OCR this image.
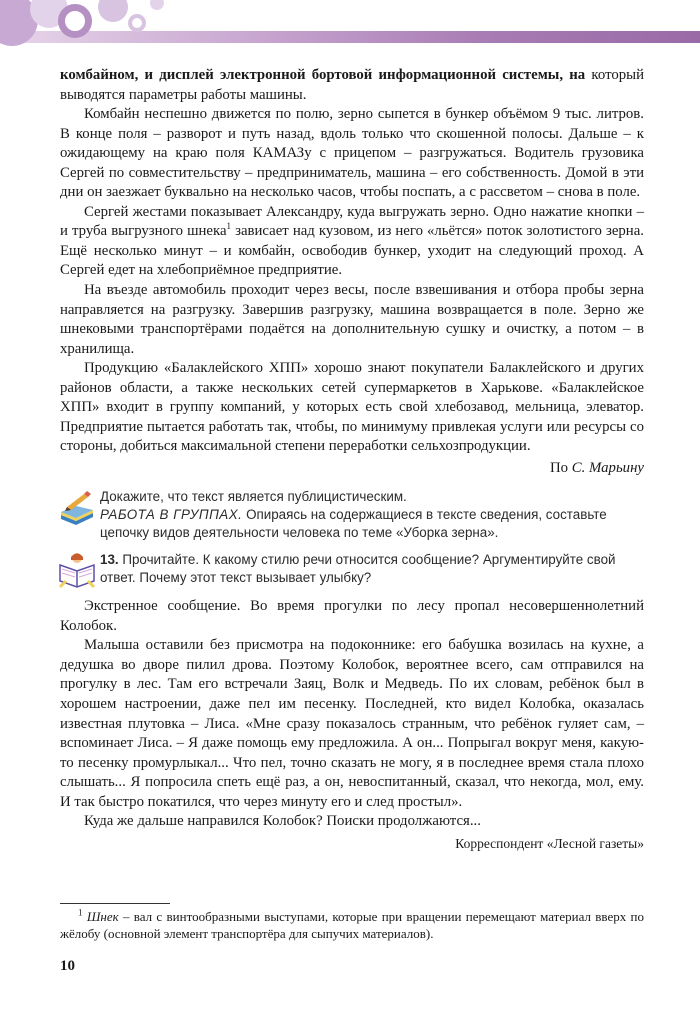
комбайном, и дисплей электронной бортовой информационной системы, на который выводятся параметры работы машины.

Комбайн неспешно движется по полю, зерно сыпется в бункер объёмом 9 тыс. литров. В конце поля – разворот и путь назад, вдоль только что скошенной полосы. Дальше – к ожидающему на краю поля КАМАЗу с прицепом – разгружаться. Водитель грузовика Сергей по совместительству – предприниматель, машина – его собственность. Домой в эти дни он заезжает буквально на несколько часов, чтобы поспать, а с рассветом – снова в поле.

Сергей жестами показывает Александру, куда выгружать зерно. Одно нажатие кнопки – и труба выгрузного шнека$^1$ зависает над кузовом, из него «льётся» поток золотистого зерна. Ещё несколько минут – и комбайн, освободив бункер, уходит на следующий проход. А Сергей едет на хлебоприёмное предприятие.

На въезде автомобиль проходит через весы, после взвешивания и отбора пробы зерна направляется на разгрузку. Завершив разгрузку, машина возвращается в поле. Зерно же шнековыми транспортёрами подаётся на дополнительную сушку и очистку, а потом – в хранилища.

Продукцию «Балаклейского ХПП» хорошо знают покупатели Балаклейского и других районов области, а также нескольких сетей супермаркетов в Харькове. «Балаклейское ХПП» входит в группу компаний, у которых есть свой хлебозавод, мельница, элеватор. Предприятие пытается работать так, чтобы, по минимуму привлекая услуги или ресурсы со стороны, добиться максимальной степени переработки сельхозпродукции.

По С. Марьину

Докажите, что текст является публицистическим.
РАБОТА В ГРУППАХ. Опираясь на содержащиеся в тексте сведения, составьте цепочку видов деятельности человека по теме «Уборка зерна».
13. Прочитайте. К какому стилю речи относится сообщение? Аргументируйте свой ответ. Почему этот текст вызывает улыбку?

Экстренное сообщение. Во время прогулки по лесу пропал несовершеннолетний Колобок.

Малыша оставили без присмотра на подоконнике: его бабушка возилась на кухне, а дедушка во дворе пилил дрова. Поэтому Колобок, вероятнее всего, сам отправился на прогулку в лес. Там его встречали Заяц, Волк и Медведь. По их словам, ребёнок был в хорошем настроении, даже пел им песенку. Последней, кто видел Колобка, оказалась известная плутовка – Лиса. «Мне сразу показалось странным, что ребёнок гуляет сам, – вспоминает Лиса. – Я даже помощь ему предложила. А он... Попрыгал вокруг меня, какую-то песенку промурлыкал... Что пел, точно сказать не могу, я в последнее время стала плохо слышать... Я попросила спеть ещё раз, а он, невоспитанный, сказал, что некогда, мол, ему. И так быстро покатился, что через минуту его и след простыл».

Куда же дальше направился Колобок? Поиски продолжаются...

Корреспондент «Лесной газеты»

$^1$ Шнек – вал с винтообразными выступами, которые при вращении перемещают материал вверх по жёлобу (основной элемент транспортёра для сыпучих материалов).
10
